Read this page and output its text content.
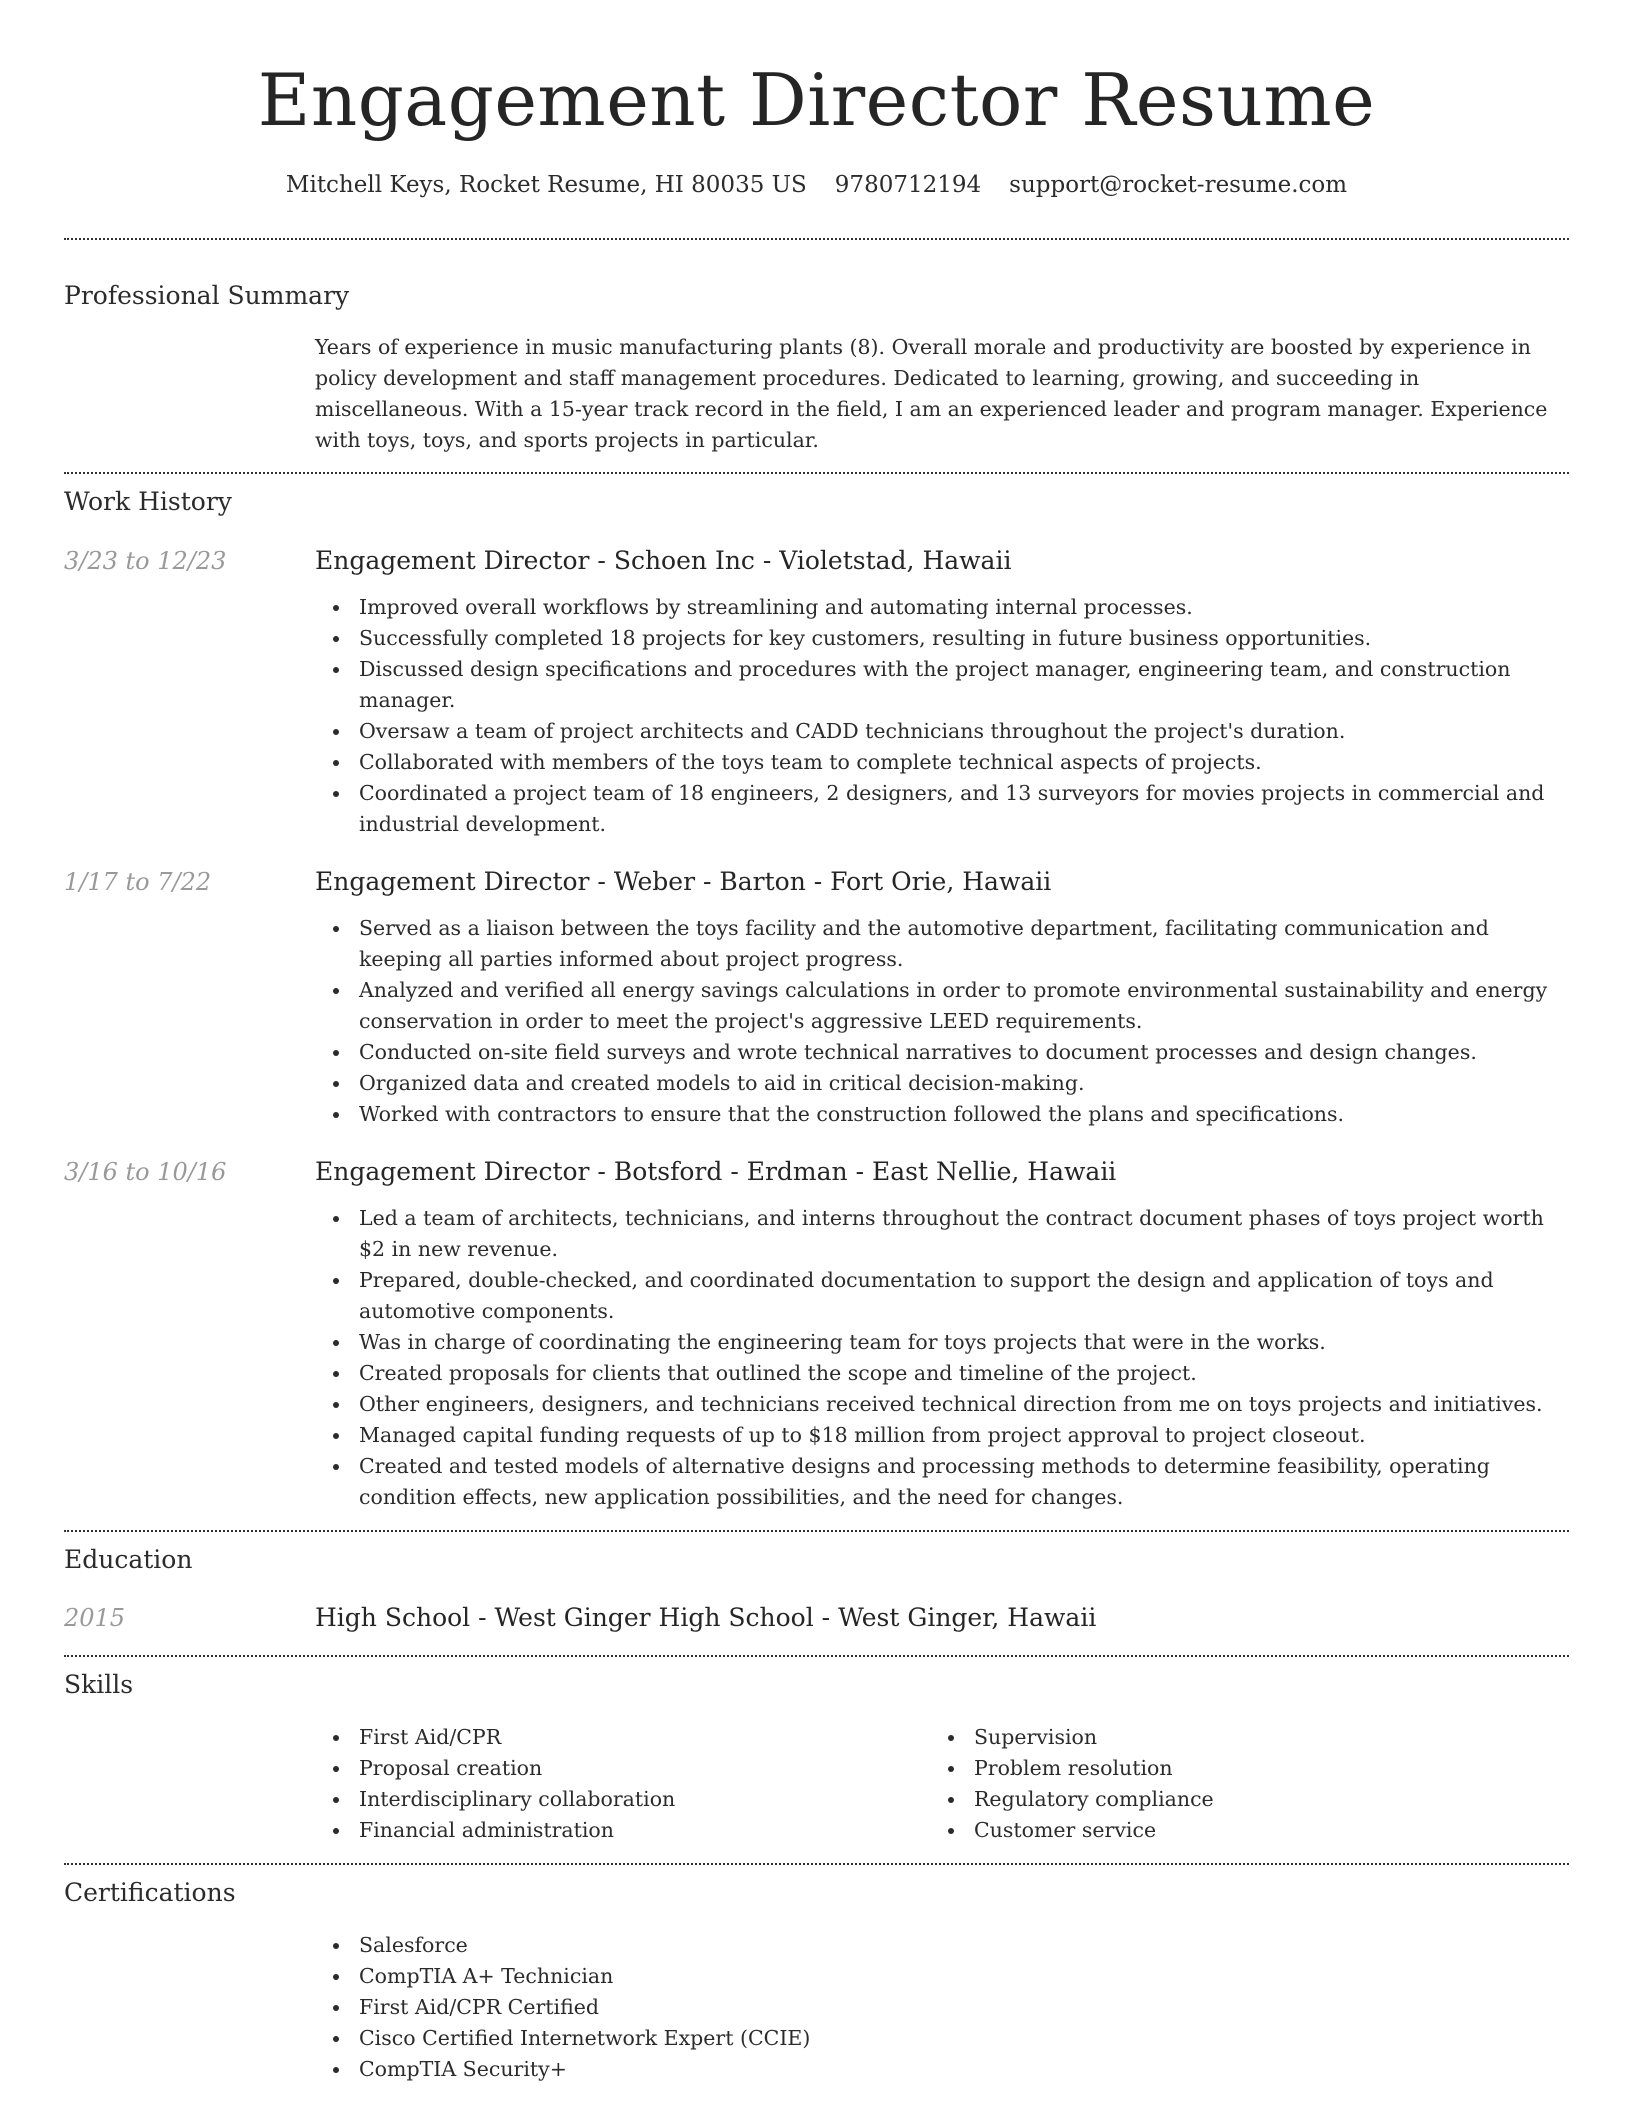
Engagement Director Resume
Mitchell Keys, Rocket Resume, HI 80035 US 9780712194 support@rocket-resume.com
Professional Summary

Years of experience in music manufacturing plants (8). Overall morale and productivity are boosted by experience in policy development and staff management procedures. Dedicated to learning, growing, and succeeding in miscellaneous. With a 15-year track record in the field, I am an experienced leader and program manager. Experience with toys, toys, and sports projects in particular.

Work History
3/23 to 12/23	Engagement Director - Schoen Inc - Violetstad, Hawaii
Improved overall workflows by streamlining and automating internal processes.
Successfully completed 18 projects for key customers, resulting in future business opportunities.
Discussed design specifications and procedures with the project manager, engineering team, and construction manager.
Oversaw a team of project architects and CADD technicians throughout the project's duration.
Collaborated with members of the toys team to complete technical aspects of projects.
Coordinated a project team of 18 engineers, 2 designers, and 13 surveyors for movies projects in commercial and industrial development.
1/17 to 7/22	Engagement Director - Weber - Barton - Fort Orie, Hawaii
Served as a liaison between the toys facility and the automotive department, facilitating communication and keeping all parties informed about project progress.
Analyzed and verified all energy savings calculations in order to promote environmental sustainability and energy conservation in order to meet the project's aggressive LEED requirements.
Conducted on-site field surveys and wrote technical narratives to document processes and design changes.
Organized data and created models to aid in critical decision-making.
Worked with contractors to ensure that the construction followed the plans and specifications.
3/16 to 10/16	Engagement Director - Botsford - Erdman - East Nellie, Hawaii
Led a team of architects, technicians, and interns throughout the contract document phases of toys project worth $2 in new revenue.
Prepared, double-checked, and coordinated documentation to support the design and application of toys and automotive components.
Was in charge of coordinating the engineering team for toys projects that were in the works.
Created proposals for clients that outlined the scope and timeline of the project.
Other engineers, designers, and technicians received technical direction from me on toys projects and initiatives.
Managed capital funding requests of up to $18 million from project approval to project closeout.
Created and tested models of alternative designs and processing methods to determine feasibility, operating condition effects, new application possibilities, and the need for changes.
Education
2015	High School - West Ginger High School - West Ginger, Hawaii
Skills
First Aid/CPR
Proposal creation
Interdisciplinary collaboration
Financial administration
Supervision
Problem resolution
Regulatory compliance
Customer service
Certifications
Salesforce
CompTIA A+ Technician
First Aid/CPR Certified
Cisco Certified Internetwork Expert (CCIE)
CompTIA Security+
